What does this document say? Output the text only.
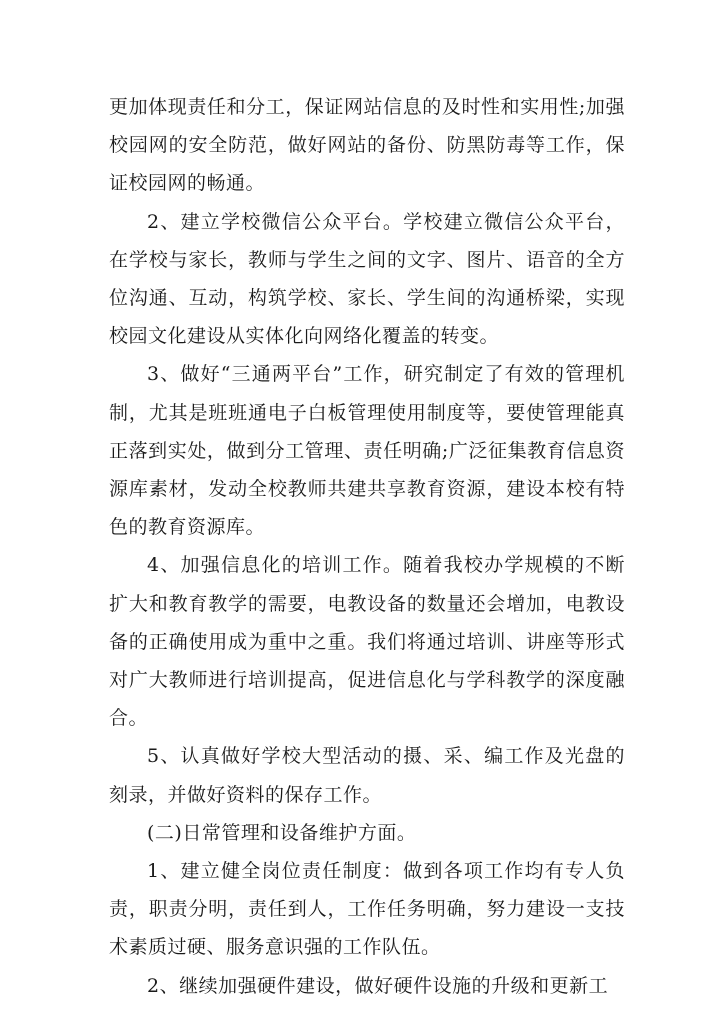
更加体现责任和分工，保证网站信息的及时性和实用性;加强校园网的安全防范，做好网站的备份、防黑防毒等工作，保证校园网的畅通。

2、建立学校微信公众平台。学校建立微信公众平台，在学校与家长，教师与学生之间的文字、图片、语音的全方位沟通、互动，构筑学校、家长、学生间的沟通桥梁，实现校园文化建设从实体化向网络化覆盖的转变。

3、做好“三通两平台”工作，研究制定了有效的管理机制，尤其是班班通电子白板管理使用制度等，要使管理能真正落到实处，做到分工管理、责任明确;广泛征集教育信息资源库素材，发动全校教师共建共享教育资源，建设本校有特色的教育资源库。

4、加强信息化的培训工作。随着我校办学规模的不断扩大和教育教学的需要，电教设备的数量还会增加，电教设备的正确使用成为重中之重。我们将通过培训、讲座等形式对广大教师进行培训提高，促进信息化与学科教学的深度融合。

5、认真做好学校大型活动的摄、采、编工作及光盘的刻录，并做好资料的保存工作。

(二)日常管理和设备维护方面。

1、建立健全岗位责任制度：做到各项工作均有专人负责，职责分明，责任到人，工作任务明确，努力建设一支技术素质过硬、服务意识强的工作队伍。

2、继续加强硬件建设，做好硬件设施的升级和更新工
